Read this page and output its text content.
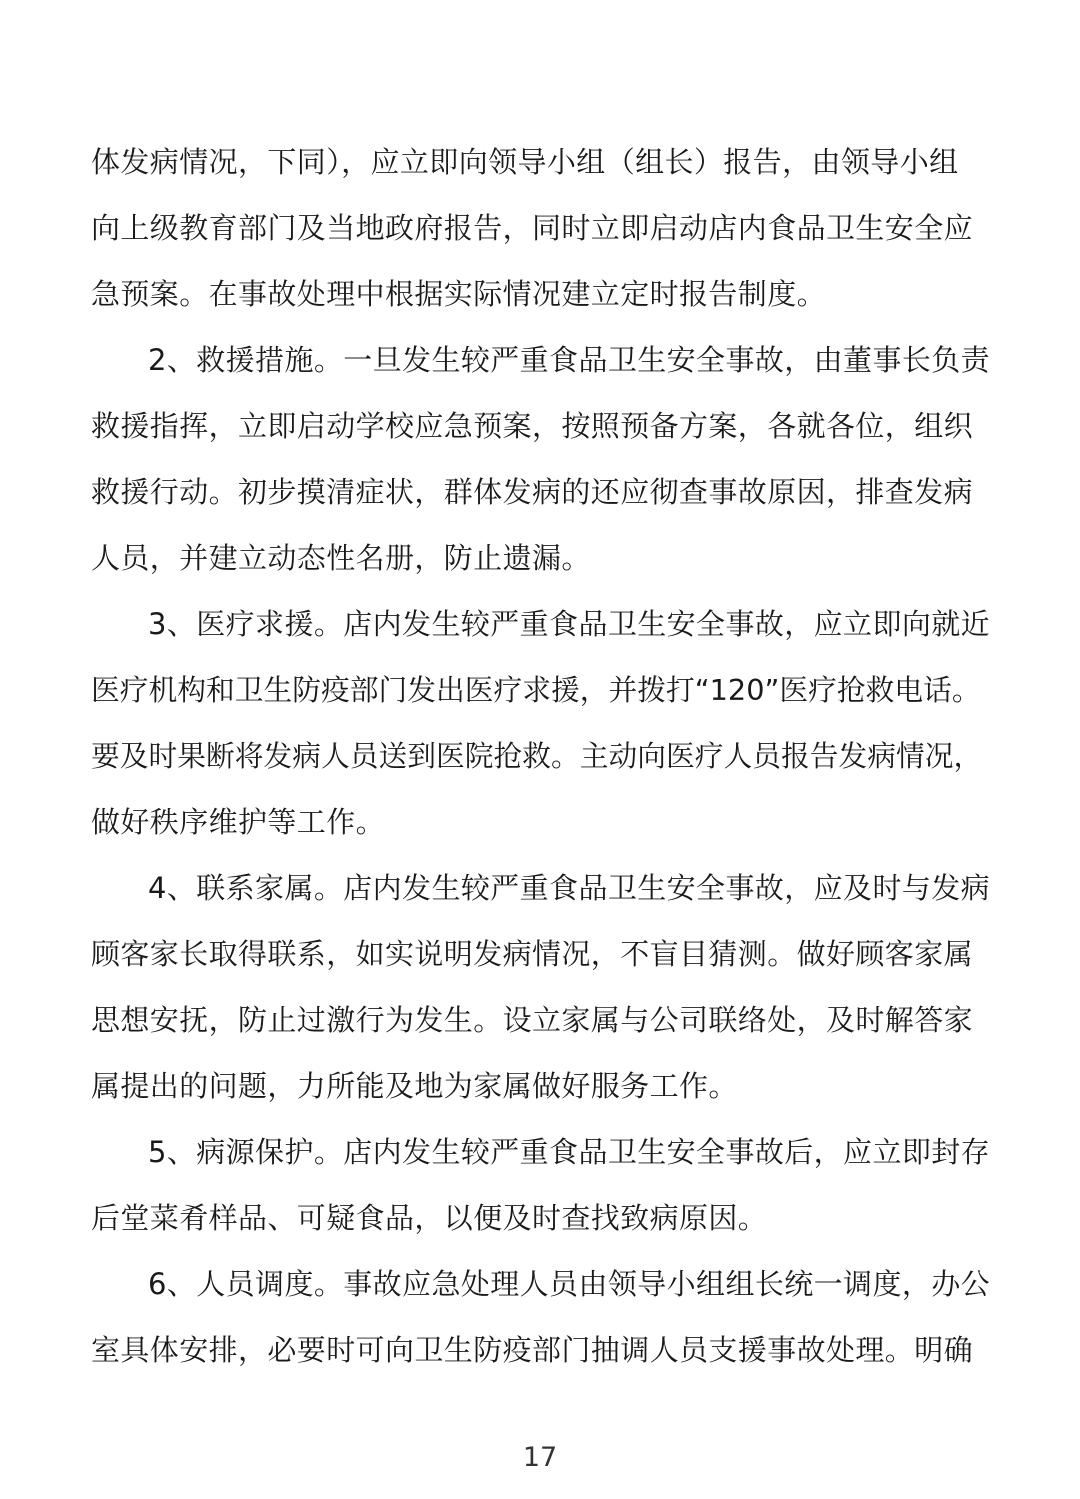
体发病情况，下同），应立即向领导小组（组长）报告，由领导小组
向上级教育部门及当地政府报告，同时立即启动店内食品卫生安全应
急预案。在事故处理中根据实际情况建立定时报告制度。
2、救援措施。一旦发生较严重食品卫生安全事故，由董事长负责
救援指挥，立即启动学校应急预案，按照预备方案，各就各位，组织
救援行动。初步摸清症状，群体发病的还应彻查事故原因，排查发病
人员，并建立动态性名册，防止遗漏。
3、医疗求援。店内发生较严重食品卫生安全事故，应立即向就近
医疗机构和卫生防疫部门发出医疗求援，并拨打“120”医疗抢救电话。
要及时果断将发病人员送到医院抢救。主动向医疗人员报告发病情况，
做好秩序维护等工作。
4、联系家属。店内发生较严重食品卫生安全事故，应及时与发病
顾客家长取得联系，如实说明发病情况，不盲目猜测。做好顾客家属
思想安抚，防止过激行为发生。设立家属与公司联络处，及时解答家
属提出的问题，力所能及地为家属做好服务工作。
5、病源保护。店内发生较严重食品卫生安全事故后，应立即封存
后堂菜肴样品、可疑食品，以便及时查找致病原因。
6、人员调度。事故应急处理人员由领导小组组长统一调度，办公
室具体安排，必要时可向卫生防疫部门抽调人员支援事故处理。明确
17
